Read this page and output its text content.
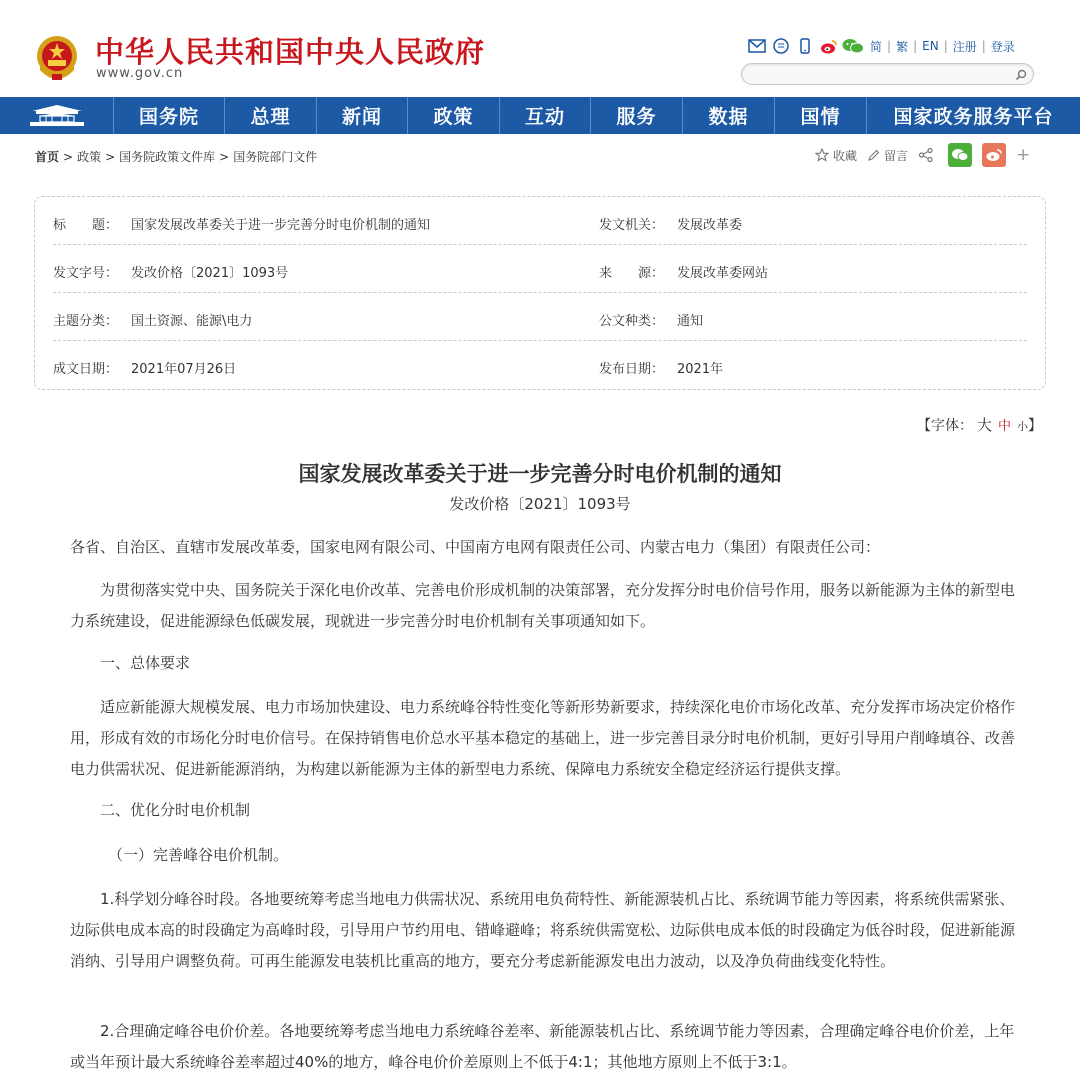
中华人民共和国中央人民政府
www.gov.cn
简 | 繁 | EN | 注册 | 登录
国务院	总理	新闻	政策	互动	服务	数据	国情	国家政务服务平台
首页 > 政策 > 国务院政策文件库 > 国务院部门文件	收藏 留言	+
标　　题： 国家发展改革委关于进一步完善分时电价机制的通知	发文机关： 发展改革委
发文字号： 发改价格〔2021〕1093号	来　　源： 发展改革委网站
主题分类： 国土资源、能源\电力	公文种类： 通知
成文日期： 2021年07月26日	发布日期： 2021年
【字体： 大 中 小】
国家发展改革委关于进一步完善分时电价机制的通知
发改价格〔2021〕1093号
各省、自治区、直辖市发展改革委，国家电网有限公司、中国南方电网有限责任公司、内蒙古电力（集团）有限责任公司：
为贯彻落实党中央、国务院关于深化电价改革、完善电价形成机制的决策部署，充分发挥分时电价信号作用，服务以新能源为主体的新型电力系统建设，促进能源绿色低碳发展，现就进一步完善分时电价机制有关事项通知如下。
一、总体要求
适应新能源大规模发展、电力市场加快建设、电力系统峰谷特性变化等新形势新要求，持续深化电价市场化改革、充分发挥市场决定价格作用，形成有效的市场化分时电价信号。在保持销售电价总水平基本稳定的基础上，进一步完善目录分时电价机制，更好引导用户削峰填谷、改善电力供需状况、促进新能源消纳，为构建以新能源为主体的新型电力系统、保障电力系统安全稳定经济运行提供支撑。
二、优化分时电价机制
（一）完善峰谷电价机制。
1.科学划分峰谷时段。各地要统筹考虑当地电力供需状况、系统用电负荷特性、新能源装机占比、系统调节能力等因素，将系统供需紧张、边际供电成本高的时段确定为高峰时段，引导用户节约用电、错峰避峰；将系统供需宽松、边际供电成本低的时段确定为低谷时段，促进新能源消纳、引导用户调整负荷。可再生能源发电装机比重高的地方，要充分考虑新能源发电出力波动，以及净负荷曲线变化特性。
2.合理确定峰谷电价价差。各地要统筹考虑当地电力系统峰谷差率、新能源装机占比、系统调节能力等因素，合理确定峰谷电价价差，上年或当年预计最大系统峰谷差率超过40%的地方，峰谷电价价差原则上不低于4:1；其他地方原则上不低于3:1。
